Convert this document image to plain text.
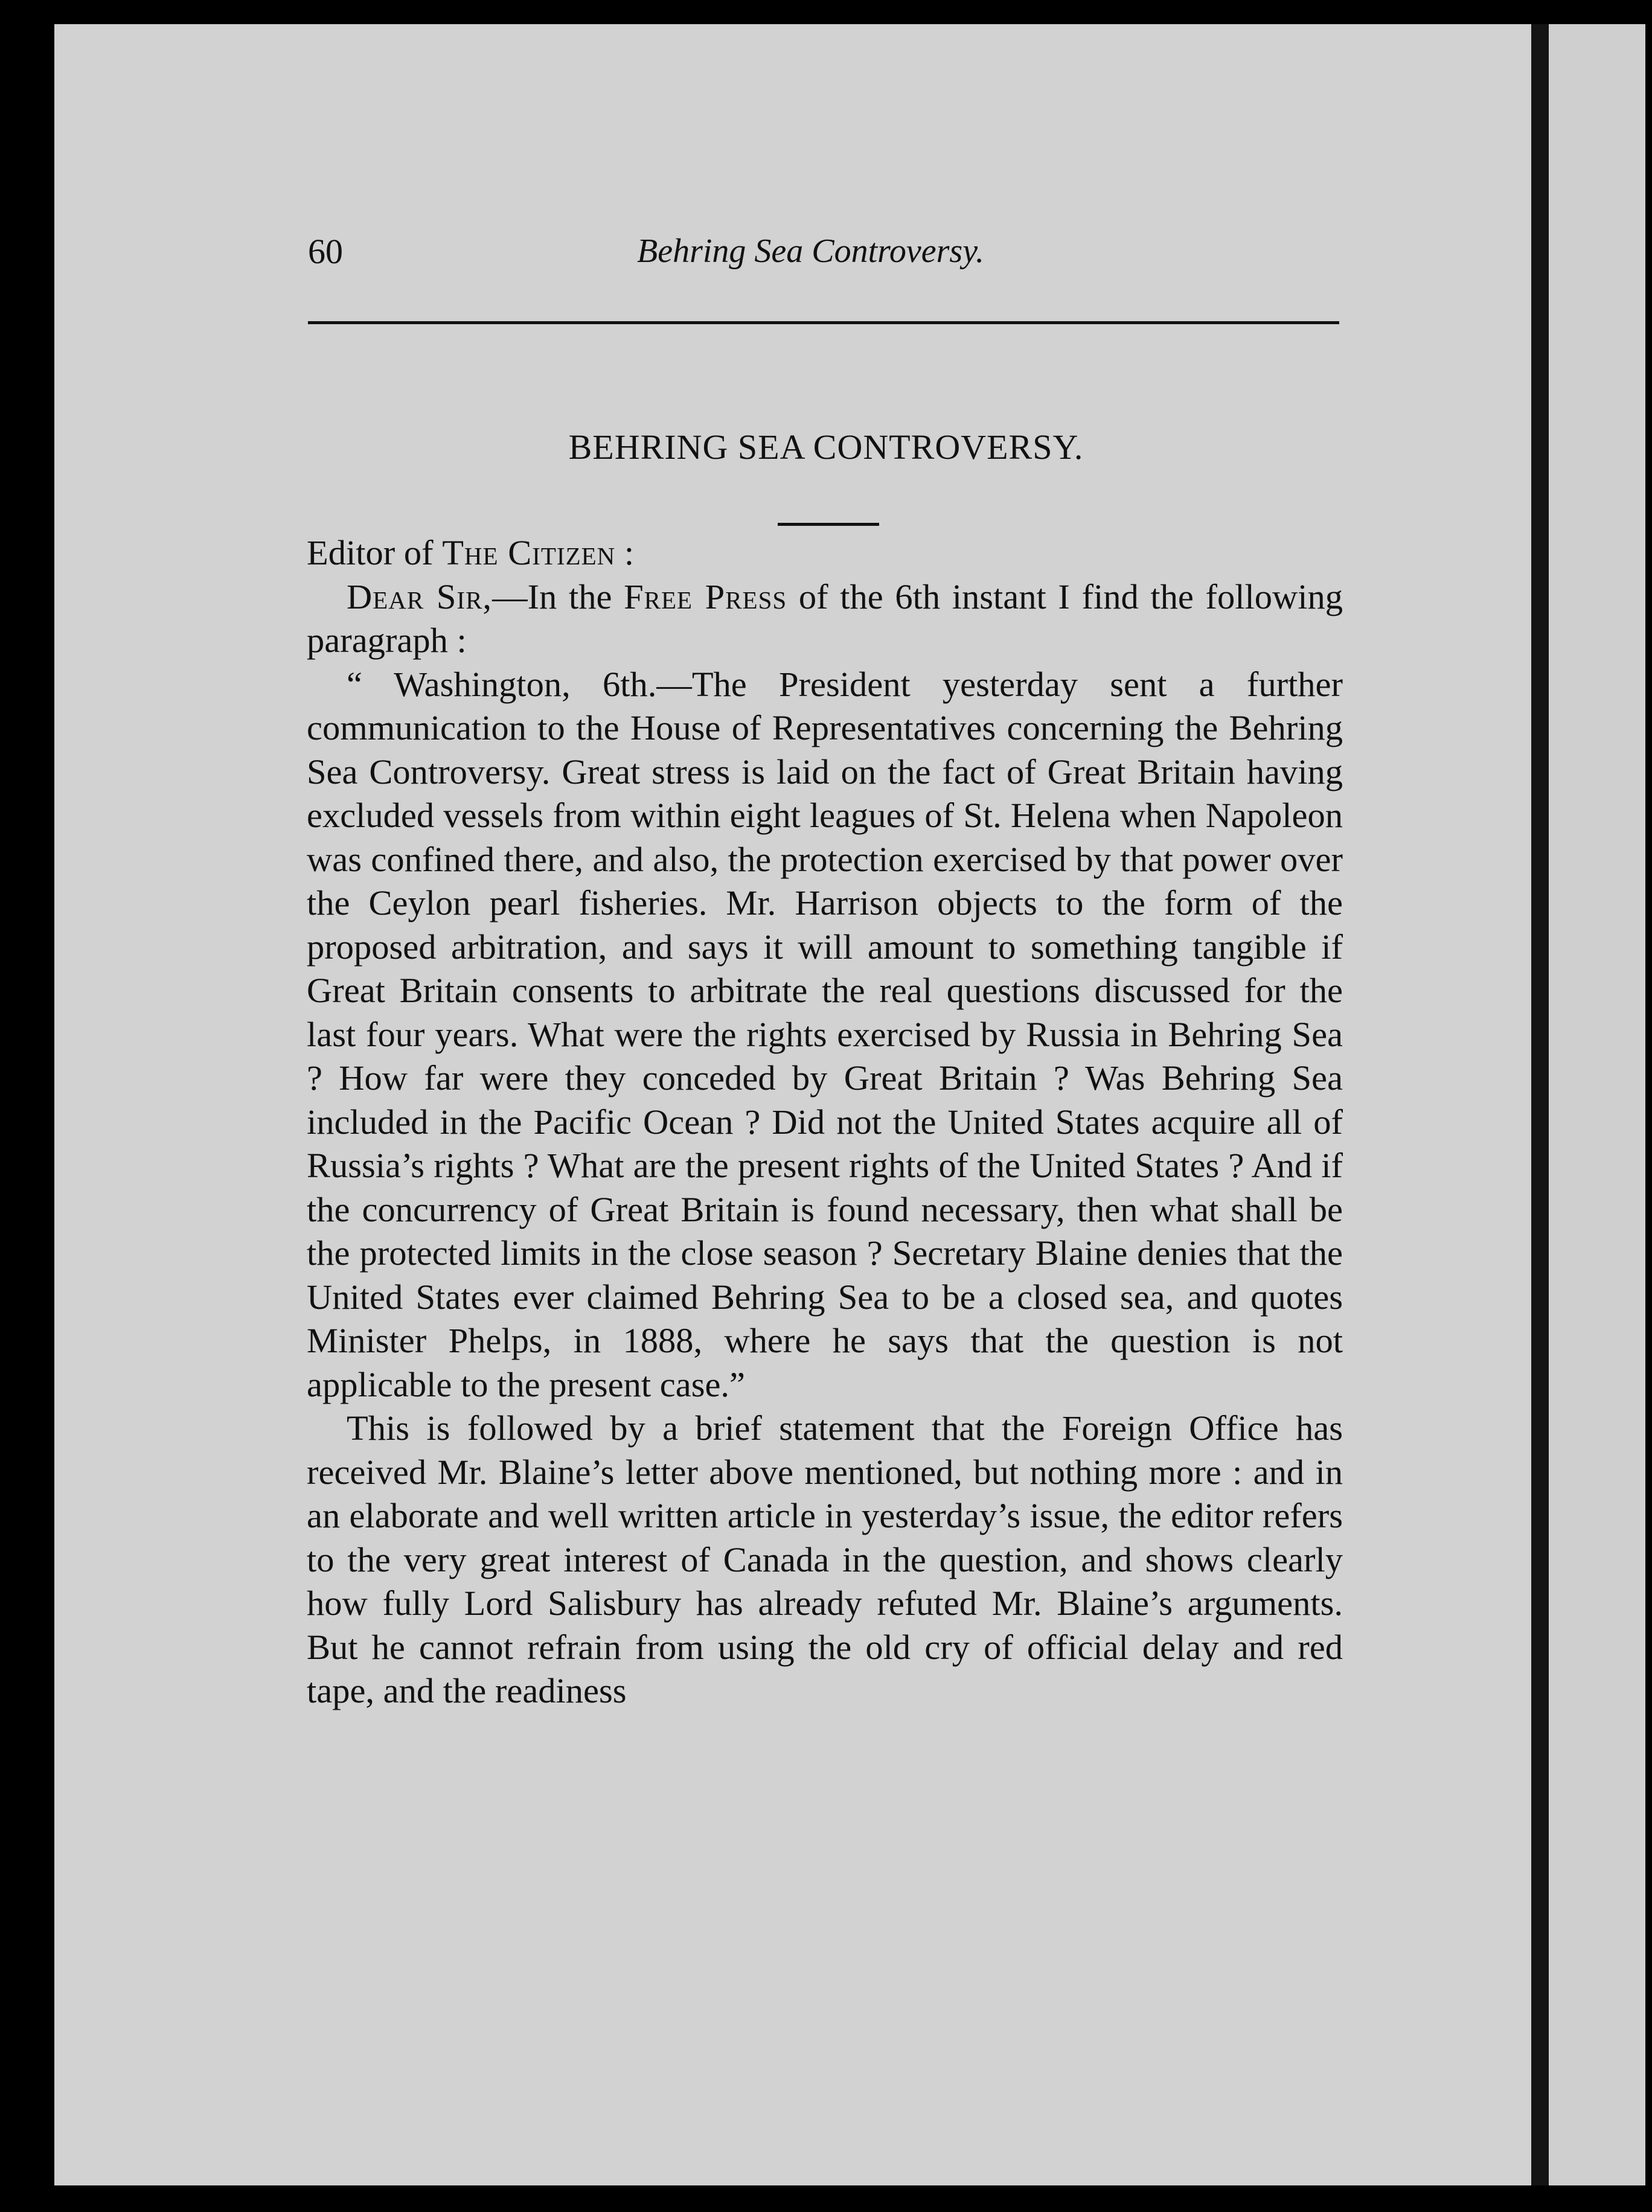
60	Behring Sea Controversy.

BEHRING SEA CONTROVERSY.

Editor of The Citizen :

Dear Sir,—In the Free Press of the 6th instant I find the following paragraph :

“ Washington, 6th.—The President yesterday sent a further communication to the House of Representatives concerning the Behring Sea Controversy. Great stress is laid on the fact of Great Britain having excluded vessels from within eight leagues of St. Helena when Napoleon was confined there, and also, the protection exercised by that power over the Ceylon pearl fisheries. Mr. Harrison objects to the form of the proposed arbitration, and says it will amount to something tangible if Great Britain consents to arbitrate the real questions discussed for the last four years. What were the rights exercised by Russia in Behring Sea ? How far were they conceded by Great Britain ? Was Behring Sea included in the Pacific Ocean ? Did not the United States acquire all of Russia’s rights ? What are the present rights of the United States ? And if the concurrency of Great Britain is found necessary, then what shall be the protected limits in the close season ? Secretary Blaine denies that the United States ever claimed Behring Sea to be a closed sea, and quotes Minister Phelps, in 1888, where he says that the question is not applicable to the present case.”

This is followed by a brief statement that the Foreign Office has received Mr. Blaine’s letter above mentioned, but nothing more : and in an elaborate and well written article in yesterday’s issue, the editor refers to the very great interest of Canada in the question, and shows clearly how fully Lord Salisbury has already refuted Mr. Blaine’s arguments. But he cannot refrain from using the old cry of official delay and red tape, and the readiness
